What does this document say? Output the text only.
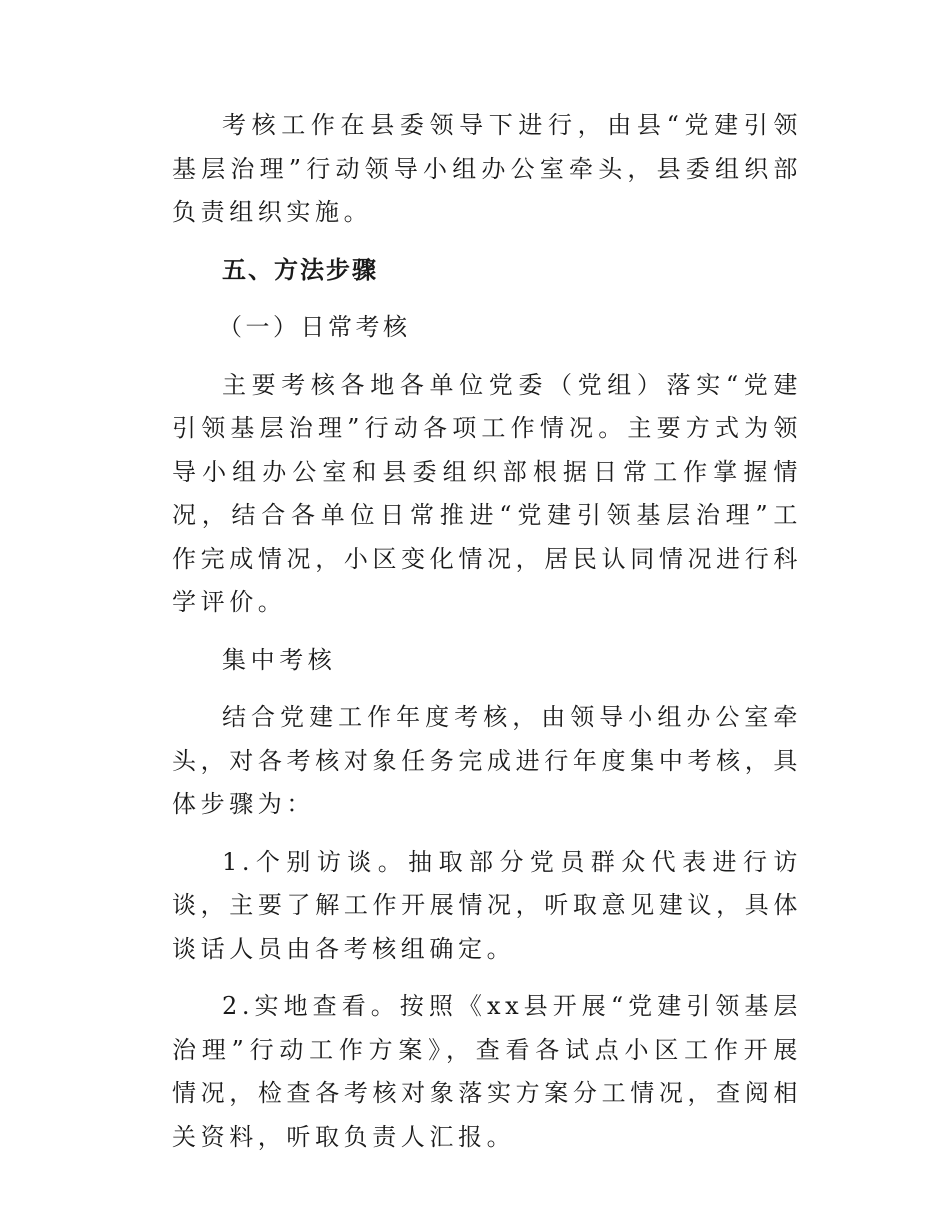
考核工作在县委领导下进行，由县“党建引领基层治理”行动领导小组办公室牵头，县委组织部负责组织实施。

五、方法步骤

（一）日常考核

主要考核各地各单位党委（党组）落实“党建引领基层治理”行动各项工作情况。主要方式为领导小组办公室和县委组织部根据日常工作掌握情况，结合各单位日常推进“党建引领基层治理”工作完成情况，小区变化情况，居民认同情况进行科学评价。

集中考核

结合党建工作年度考核，由领导小组办公室牵头，对各考核对象任务完成进行年度集中考核，具体步骤为：

1.个别访谈。抽取部分党员群众代表进行访谈，主要了解工作开展情况，听取意见建议，具体谈话人员由各考核组确定。

2.实地查看。按照《xx县开展“党建引领基层治理”行动工作方案》，查看各试点小区工作开展情况，检查各考核对象落实方案分工情况，查阅相关资料，听取负责人汇报。
